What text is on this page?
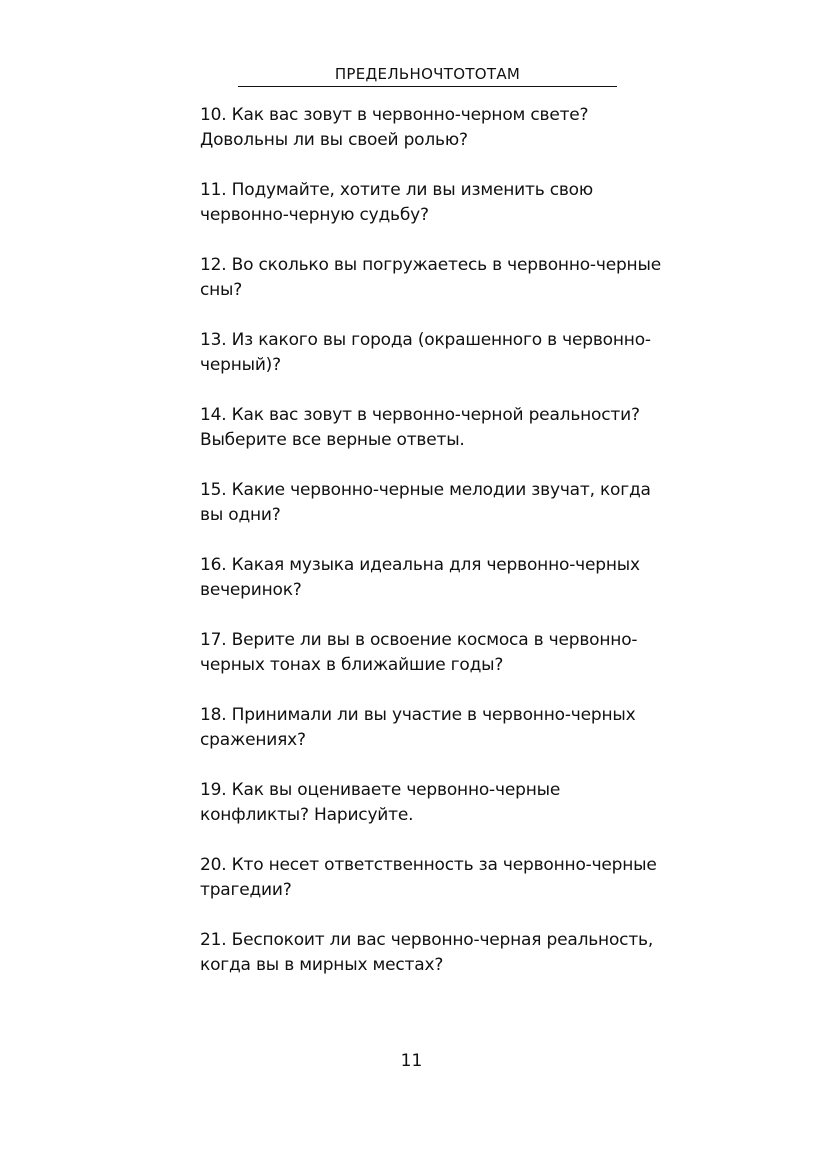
ПРЕДЕЛЬНОЧТОТОТАМ
10. Как вас зовут в червонно-черном свете?
Довольны ли вы своей ролью?
11. Подумайте, хотите ли вы изменить свою
червонно-черную судьбу?
12. Во сколько вы погружаетесь в червонно-черные
сны?
13. Из какого вы города (окрашенного в червонно-
черный)?
14. Как вас зовут в червонно-черной реальности?
Выберите все верные ответы.
15. Какие червонно-черные мелодии звучат, когда
вы одни?
16. Какая музыка идеальна для червонно-черных
вечеринок?
17. Верите ли вы в освоение космоса в червонно-
черных тонах в ближайшие годы?
18. Принимали ли вы участие в червонно-черных
сражениях?
19. Как вы оцениваете червонно-черные
конфликты? Нарисуйте.
20. Кто несет ответственность за червонно-черные
трагедии?
21. Беспокоит ли вас червонно-черная реальность,
когда вы в мирных местах?
11
